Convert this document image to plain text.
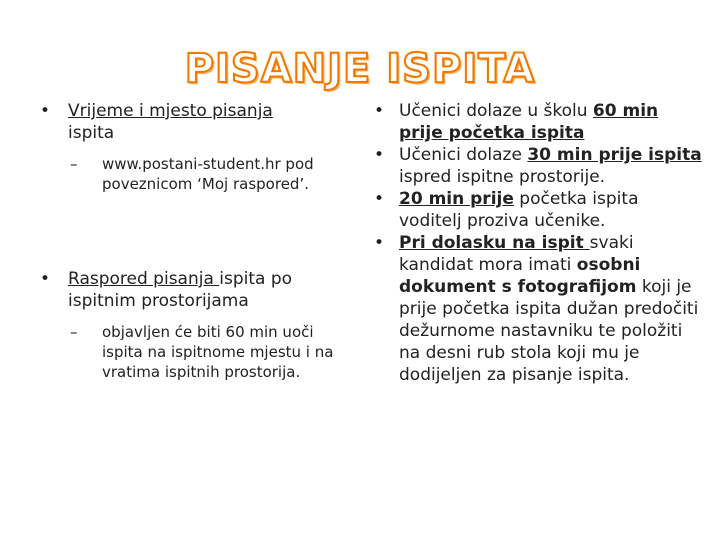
PISANJE ISPITA
•	Vrijeme i mjesto pisanja
ispita
– www.postani-student.hr pod poveznicom ‘Moj raspored’.
•	Raspored pisanja ispita po ispitnim prostorijama
– objavljen će biti 60 min uoči ispita na ispitnome mjestu i na vratima ispitnih prostorija.
• Učenici dolaze u školu 60 min prije početka ispita
• Učenici dolaze 30 min prije ispita ispred ispitne prostorije.
• 20 min prije početka ispita voditelj proziva učenike.
• Pri dolasku na ispit svaki kandidat mora imati osobni dokument s fotografijom koji je prije početka ispita dužan predočiti dežurnome nastavniku te položiti na desni rub stola koji mu je dodijeljen za pisanje ispita.
